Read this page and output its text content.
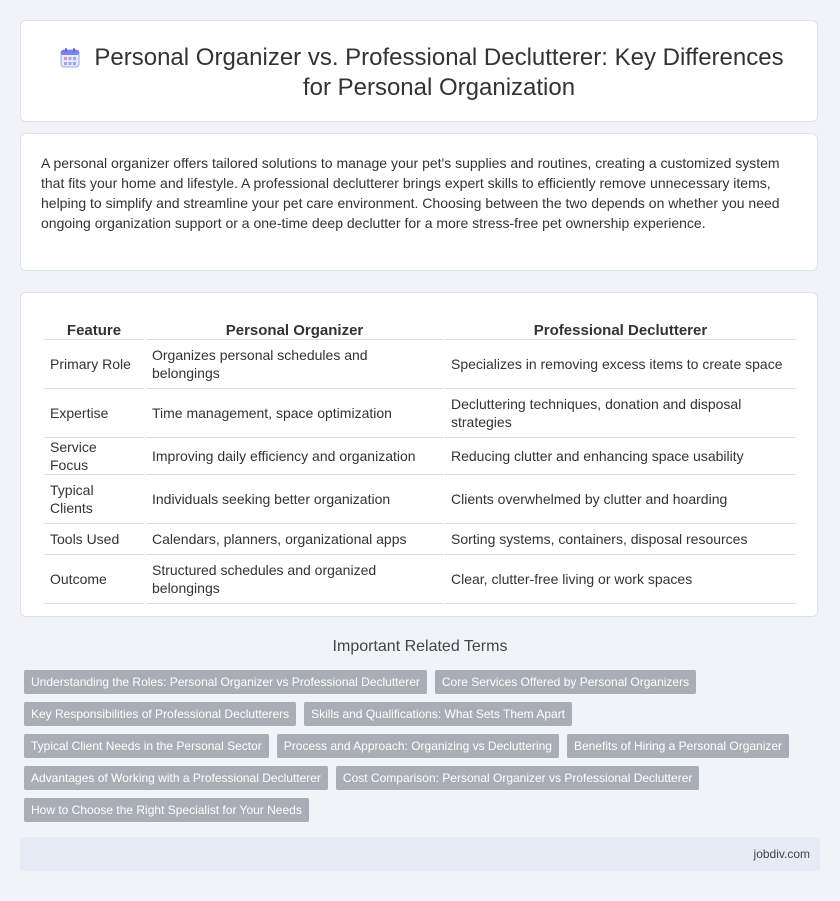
Personal Organizer vs. Professional Declutterer: Key Differences for Personal Organization

A personal organizer offers tailored solutions to manage your pet's supplies and routines, creating a customized system that fits your home and lifestyle. A professional declutterer brings expert skills to efficiently remove unnecessary items, helping to simplify and streamline your pet care environment. Choosing between the two depends on whether you need ongoing organization support or a one-time deep declutter for a more stress-free pet ownership experience.

Feature	Personal Organizer	Professional Declutterer
Primary Role	Organizes personal schedules and belongings	Specializes in removing excess items to create space
Expertise	Time management, space optimization	Decluttering techniques, donation and disposal strategies
Service Focus	Improving daily efficiency and organization	Reducing clutter and enhancing space usability
Typical Clients	Individuals seeking better organization	Clients overwhelmed by clutter and hoarding
Tools Used	Calendars, planners, organizational apps	Sorting systems, containers, disposal resources
Outcome	Structured schedules and organized belongings	Clear, clutter-free living or work spaces
Important Related Terms
Understanding the Roles: Personal Organizer vs Professional Declutterer Core Services Offered by Personal Organizers
Key Responsibilities of Professional Declutterers Skills and Qualifications: What Sets Them Apart
Typical Client Needs in the Personal Sector Process and Approach: Organizing vs Decluttering Benefits of Hiring a Personal Organizer
Advantages of Working with a Professional Declutterer Cost Comparison: Personal Organizer vs Professional Declutterer
How to Choose the Right Specialist for Your Needs
jobdiv.com
